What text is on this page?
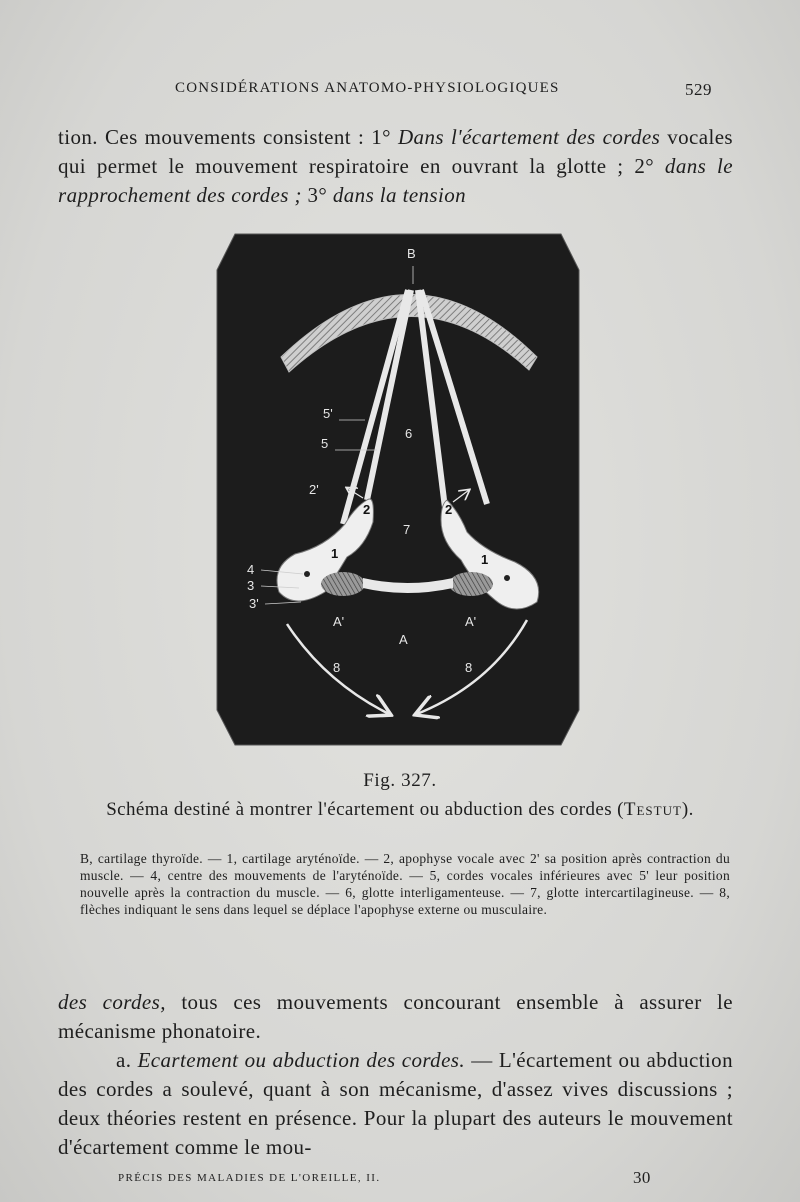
CONSIDÉRATIONS ANATOMO-PHYSIOLOGIQUES	529

tion. Ces mouvements consistent : 1° Dans l'écartement des cordes vocales qui permet le mouvement respiratoire en ouvrant la glotte ; 2° dans le rapprochement des cordes ; 3° dans la tension

B
5'
5
6
2'
2	2
7
1	1
4
3
3'
A'	A'
A
8	8
Fig. 327.
Schéma destiné à montrer l'écartement ou abduction des cordes (Testut).
B, cartilage thyroïde. — 1, cartilage aryténoïde. — 2, apophyse vocale avec 2' sa position après contraction du muscle. — 4, centre des mouvements de l'aryténoïde. — 5, cordes vocales inférieures avec 5' leur position nouvelle après la contraction du muscle. — 6, glotte interligamenteuse. — 7, glotte intercartilagineuse. — 8, flèches indiquant le sens dans lequel se déplace l'apophyse externe ou musculaire.

des cordes, tous ces mouvements concourant ensemble à assurer le mécanisme phonatoire.

a. Ecartement ou abduction des cordes. — L'écartement ou abduction des cordes a soulevé, quant à son mécanisme, d'assez vives discussions ; deux théories restent en présence. Pour la plupart des auteurs le mouvement d'écartement comme le mou-

PRÉCIS DES MALADIES DE L'OREILLE, II.	30
